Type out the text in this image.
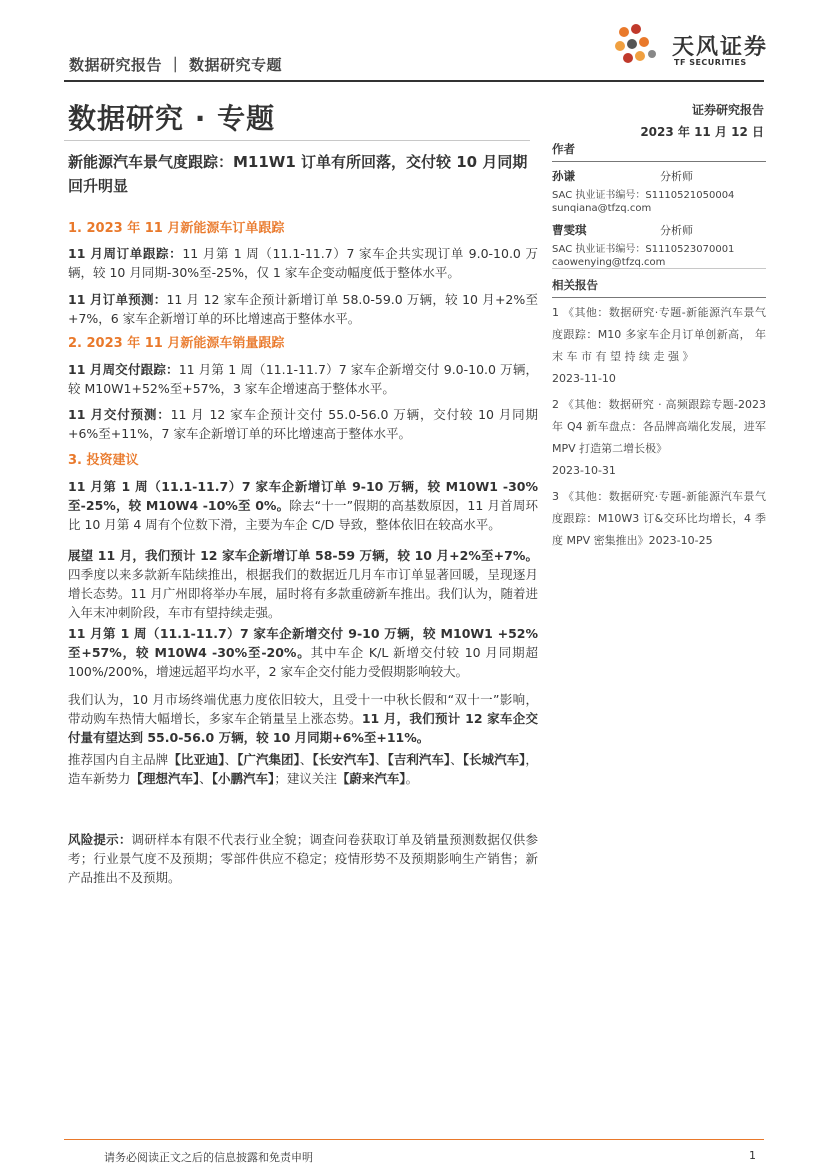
数据研究报告 ｜ 数据研究专题
天风证券
TF SECURITIES
数据研究 · 专题	证券研究报告
2023 年 11 月 12 日
新能源汽车景气度跟踪：M11W1 订单有所回落，交付较 10 月同期回升明显
1. 2023 年 11 月新能源车订单跟踪
11 月周订单跟踪：11 月第 1 周（11.1-11.7）7 家车企共实现订单 9.0-10.0 万辆，较 10 月同期-30%至-25%，仅 1 家车企变动幅度低于整体水平。
11 月订单预测：11 月 12 家车企预计新增订单 58.0-59.0 万辆，较 10 月+2%至+7%，6 家车企新增订单的环比增速高于整体水平。
2. 2023 年 11 月新能源车销量跟踪
11 月周交付跟踪：11 月第 1 周（11.1-11.7）7 家车企新增交付 9.0-10.0 万辆，较 M10W1+52%至+57%，3 家车企增速高于整体水平。
11 月交付预测：11 月 12 家车企预计交付 55.0-56.0 万辆，交付较 10 月同期+6%至+11%，7 家车企新增订单的环比增速高于整体水平。
3. 投资建议
11 月第 1 周（11.1-11.7）7 家车企新增订单 9-10 万辆，较 M10W1 -30%至-25%，较 M10W4 -10%至 0%。除去“十一”假期的高基数原因，11 月首周环比 10 月第 4 周有个位数下滑，主要为车企 C/D 导致，整体依旧在较高水平。
展望 11 月，我们预计 12 家车企新增订单 58-59 万辆，较 10 月+2%至+7%。四季度以来多款新车陆续推出，根据我们的数据近几月车市订单显著回暖，呈现逐月增长态势。11 月广州即将举办车展，届时将有多款重磅新车推出。我们认为，随着进入年末冲刺阶段，车市有望持续走强。
11 月第 1 周（11.1-11.7）7 家车企新增交付 9-10 万辆，较 M10W1 +52%至+57%，较 M10W4 -30%至-20%。其中车企 K/L 新增交付较 10 月同期超 100%/200%，增速远超平均水平，2 家车企交付能力受假期影响较大。
我们认为，10 月市场终端优惠力度依旧较大，且受十一中秋长假和“双十一”影响，带动购车热情大幅增长，多家车企销量呈上涨态势。11 月，我们预计 12 家车企交付量有望达到 55.0-56.0 万辆，较 10 月同期+6%至+11%。
推荐国内自主品牌【比亚迪】、【广汽集团】、【长安汽车】、【吉利汽车】、【长城汽车】，造车新势力【理想汽车】、【小鹏汽车】；建议关注【蔚来汽车】。
风险提示：调研样本有限不代表行业全貌；调查问卷获取订单及销量预测数据仅供参考；行业景气度不及预期；零部件供应不稳定；疫情形势不及预期影响生产销售；新产品推出不及预期。
作者
孙谦	分析师
SAC 执业证书编号：S1110521050004
sunqiana@tfzq.com
曹雯琪	分析师
SAC 执业证书编号：S1110523070001
caowenying@tfzq.com
相关报告
1 《其他：数据研究·专题-新能源汽车景气度跟踪：M10 多家车企月订单创新高， 年 末 车 市 有 望 持 续 走 强 》
2023-11-10
2 《其他：数据研究 · 高频跟踪专题-2023 年 Q4 新车盘点：各品牌高端化发展，进军 MPV 打造第二增长极》
2023-10-31
3 《其他：数据研究·专题-新能源汽车景气度跟踪：M10W3 订&交环比均增长，4 季度 MPV 密集推出》2023-10-25
请务必阅读正文之后的信息披露和免责申明	1
